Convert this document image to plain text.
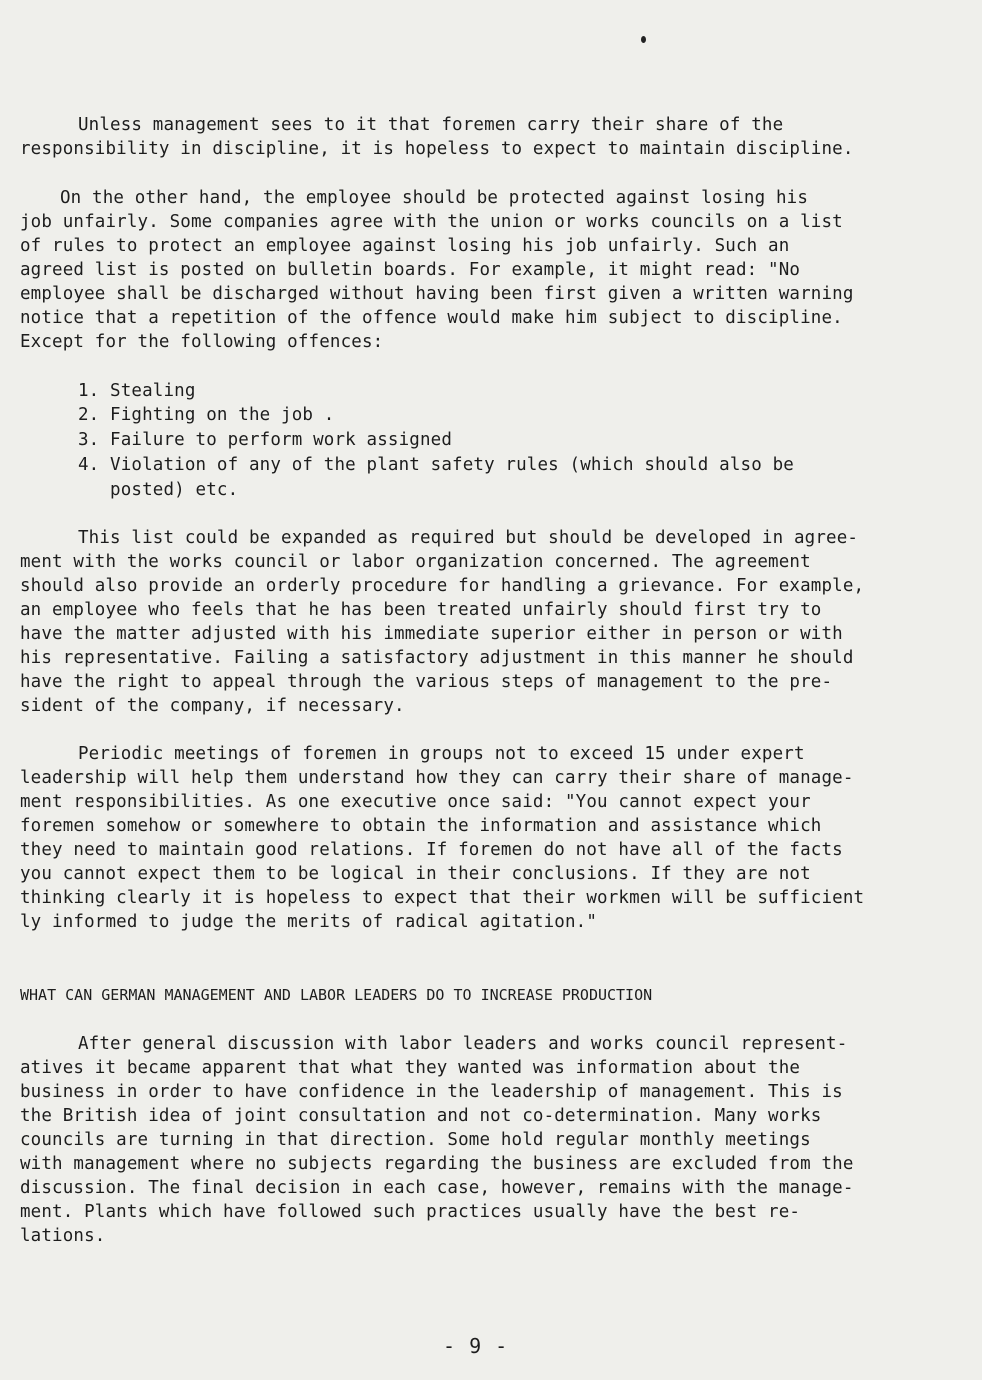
Unless management sees to it that foremen carry their share of the
responsibility in discipline, it is hopeless to expect to maintain discipline.
On the other hand, the employee should be protected against losing his
job unfairly. Some companies agree with the union or works councils on a list
of rules to protect an employee against losing his job unfairly. Such an
agreed list is posted on bulletin boards. For example, it might read: "No
employee shall be discharged without having been first given a written warning
notice that a repetition of the offence would make him subject to discipline.
Except for the following offences:
1. Stealing
2. Fighting on the job .
3. Failure to perform work assigned
4. Violation of any of the plant safety rules (which should also be
posted) etc.
This list could be expanded as required but should be developed in agree-
ment with the works council or labor organization concerned. The agreement
should also provide an orderly procedure for handling a grievance. For example,
an employee who feels that he has been treated unfairly should first try to
have the matter adjusted with his immediate superior either in person or with
his representative. Failing a satisfactory adjustment in this manner he should
have the right to appeal through the various steps of management to the pre-
sident of the company, if necessary.
Periodic meetings of foremen in groups not to exceed 15 under expert
leadership will help them understand how they can carry their share of manage-
ment responsibilities. As one executive once said: "You cannot expect your
foremen somehow or somewhere to obtain the information and assistance which
they need to maintain good relations. If foremen do not have all of the facts
you cannot expect them to be logical in their conclusions. If they are not
thinking clearly it is hopeless to expect that their workmen will be sufficient
ly informed to judge the merits of radical agitation."
WHAT CAN GERMAN MANAGEMENT AND LABOR LEADERS DO TO INCREASE PRODUCTION
After general discussion with labor leaders and works council represent-
atives it became apparent that what they wanted was information about the
business in order to have confidence in the leadership of management. This is
the British idea of joint consultation and not co-determination. Many works
councils are turning in that direction. Some hold regular monthly meetings
with management where no subjects regarding the business are excluded from the
discussion. The final decision in each case, however, remains with the manage-
ment. Plants which have followed such practices usually have the best re-
lations.
- 9 -
